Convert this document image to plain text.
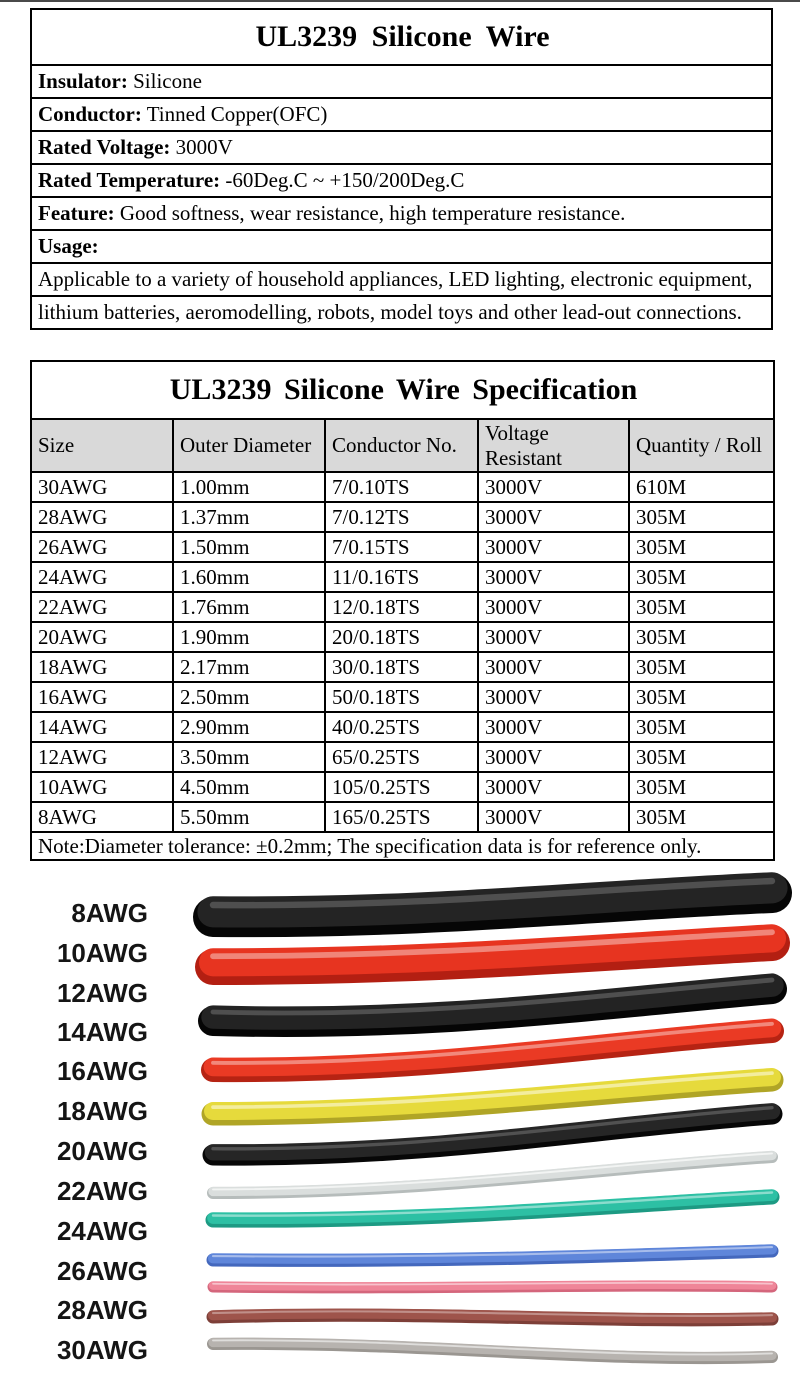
UL3239 Silicone Wire
Insulator: Silicone
Conductor: Tinned Copper(OFC)
Rated Voltage: 3000V
Rated Temperature: -60Deg.C ~ +150/200Deg.C
Feature: Good softness, wear resistance, high temperature resistance.
Usage:
Applicable to a variety of household appliances, LED lighting, electronic equipment,
lithium batteries, aeromodelling, robots, model toys and other lead-out connections.
UL3239 Silicone Wire Specification				
Size	Outer Diameter	Conductor No.	Voltage Resistant	Quantity / Roll
30AWG	1.00mm	7/0.10TS	3000V	610M
28AWG	1.37mm	7/0.12TS	3000V	305M
26AWG	1.50mm	7/0.15TS	3000V	305M
24AWG	1.60mm	11/0.16TS	3000V	305M
22AWG	1.76mm	12/0.18TS	3000V	305M
20AWG	1.90mm	20/0.18TS	3000V	305M
18AWG	2.17mm	30/0.18TS	3000V	305M
16AWG	2.50mm	50/0.18TS	3000V	305M
14AWG	2.90mm	40/0.25TS	3000V	305M
12AWG	3.50mm	65/0.25TS	3000V	305M
10AWG	4.50mm	105/0.25TS	3000V	305M
8AWG	5.50mm	165/0.25TS	3000V	305M
Note:Diameter tolerance: ±0.2mm; The specification data is for reference only.				
8AWG
10AWG
12AWG
14AWG
16AWG
18AWG
20AWG
22AWG
24AWG
26AWG
28AWG
30AWG
